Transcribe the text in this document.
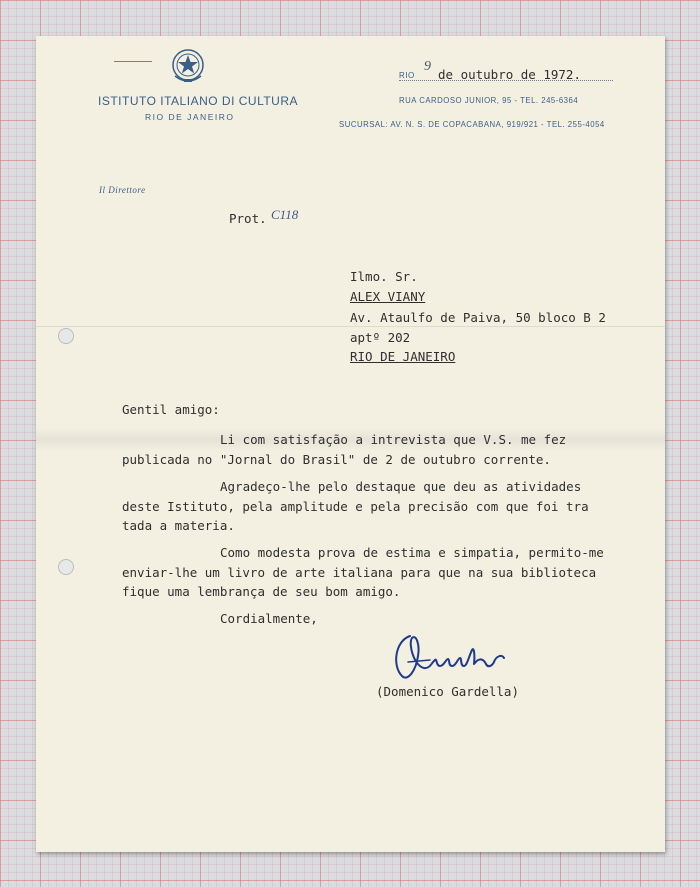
ISTITUTO ITALIANO DI CULTURA
RIO DE JANEIRO
Il Direttore
RIO
9
de outubro de 1972.
RUA CARDOSO JUNIOR, 95 - TEL. 245-6364
SUCURSAL: AV. N. S. DE COPACABANA, 919/921 - TEL. 255-4054
Prot. C118
Ilmo. Sr.
ALEX VIANY
Av. Ataulfo de Paiva, 50 bloco B 2
aptº 202
RIO DE JANEIRO
Gentil amigo:
Li com satisfação a intrevista que V.S. me fez
publicada no "Jornal do Brasil" de 2 de outubro corrente.
Agradeço-lhe pelo destaque que deu as atividades
deste Istituto, pela amplitude e pela precisão com que foi tra
tada a materia.
Como modesta prova de estima e simpatia, permito-me
enviar-lhe um livro de arte italiana para que na sua biblioteca
fique uma lembrança de seu bom amigo.
Cordialmente,
(Domenico Gardella)
